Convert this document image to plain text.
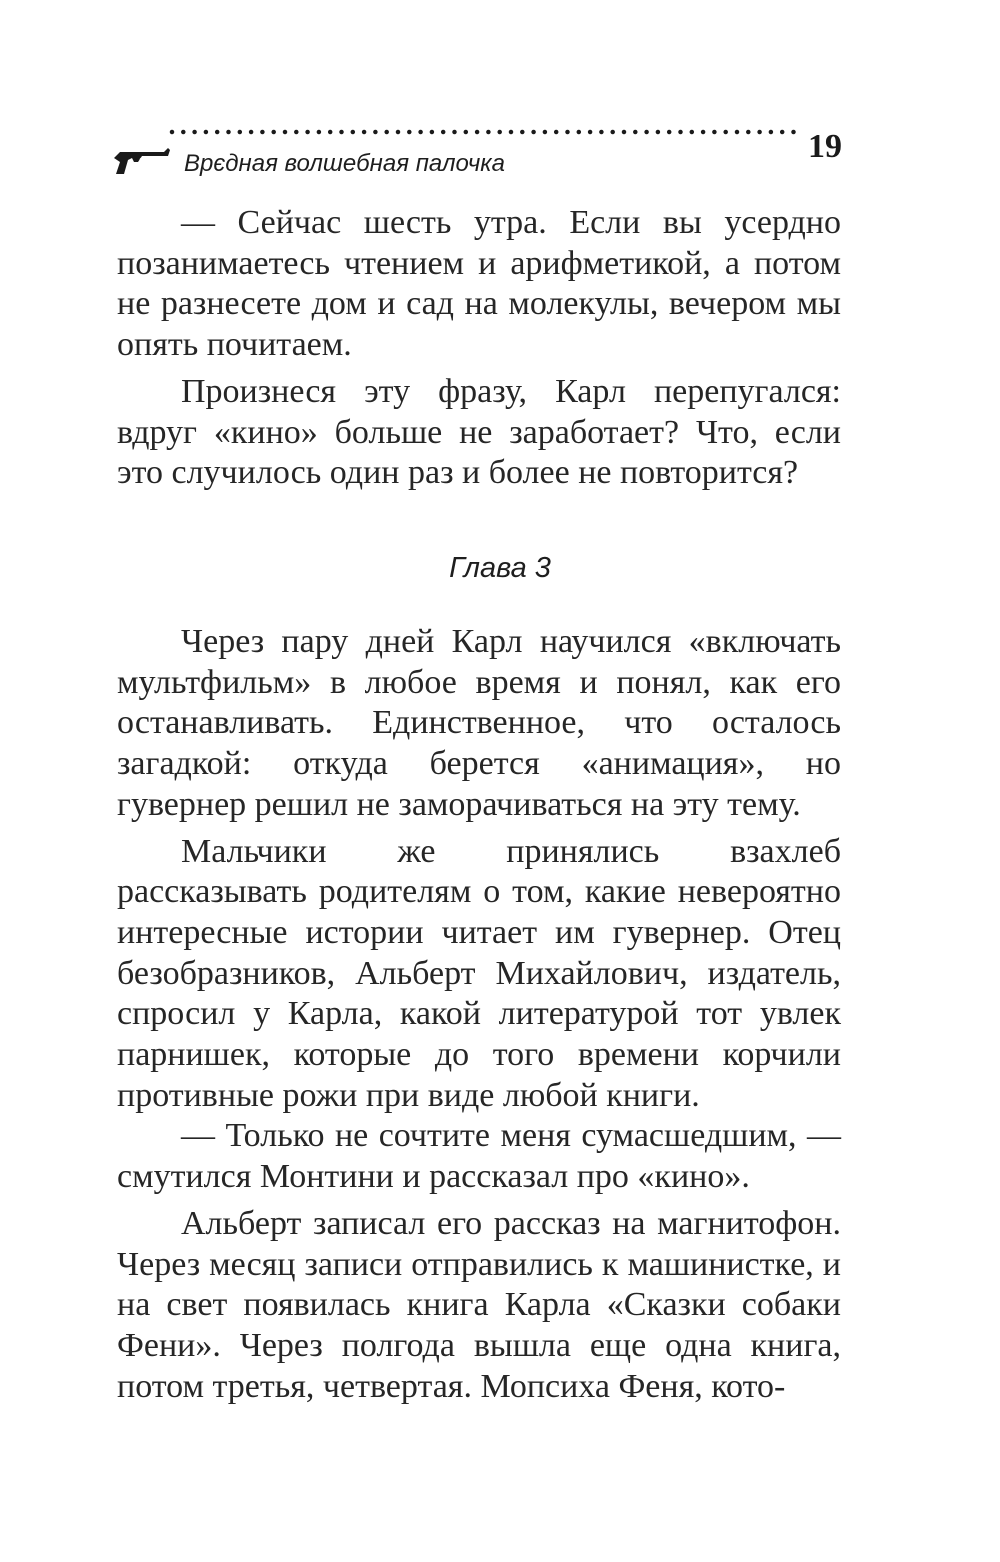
Врєдная волшебная палочка	19

— Сейчас шесть утра. Если вы усердно позанимаетесь чтением и арифметикой, а потом не разнесете дом и сад на молекулы, вечером мы опять почитаем.

Произнеся эту фразу, Карл перепугался: вдруг «кино» больше не заработает? Что, если это случилось один раз и более не повторится?

Глава 3

Через пару дней Карл научился «включать мультфильм» в любое время и понял, как его останавливать. Единственное, что осталось загадкой: откуда берется «анимация», но гувернер решил не заморачиваться на эту тему.

Мальчики же принялись взахлеб рассказывать родителям о том, какие невероятно интересные истории читает им гувернер. Отец безобразников, Альберт Михайлович, издатель, спросил у Карла, какой литературой тот увлек парнишек, которые до того времени корчили противные рожи при виде любой книги.

— Только не сочтите меня сумасшедшим, — смутился Монтини и рассказал про «кино».

Альберт записал его рассказ на магнитофон. Через месяц записи отправились к машинистке, и на свет появилась книга Карла «Сказки собаки Фени». Через полгода вышла еще одна книга, потом третья, четвертая. Мопсиха Феня, кото-
